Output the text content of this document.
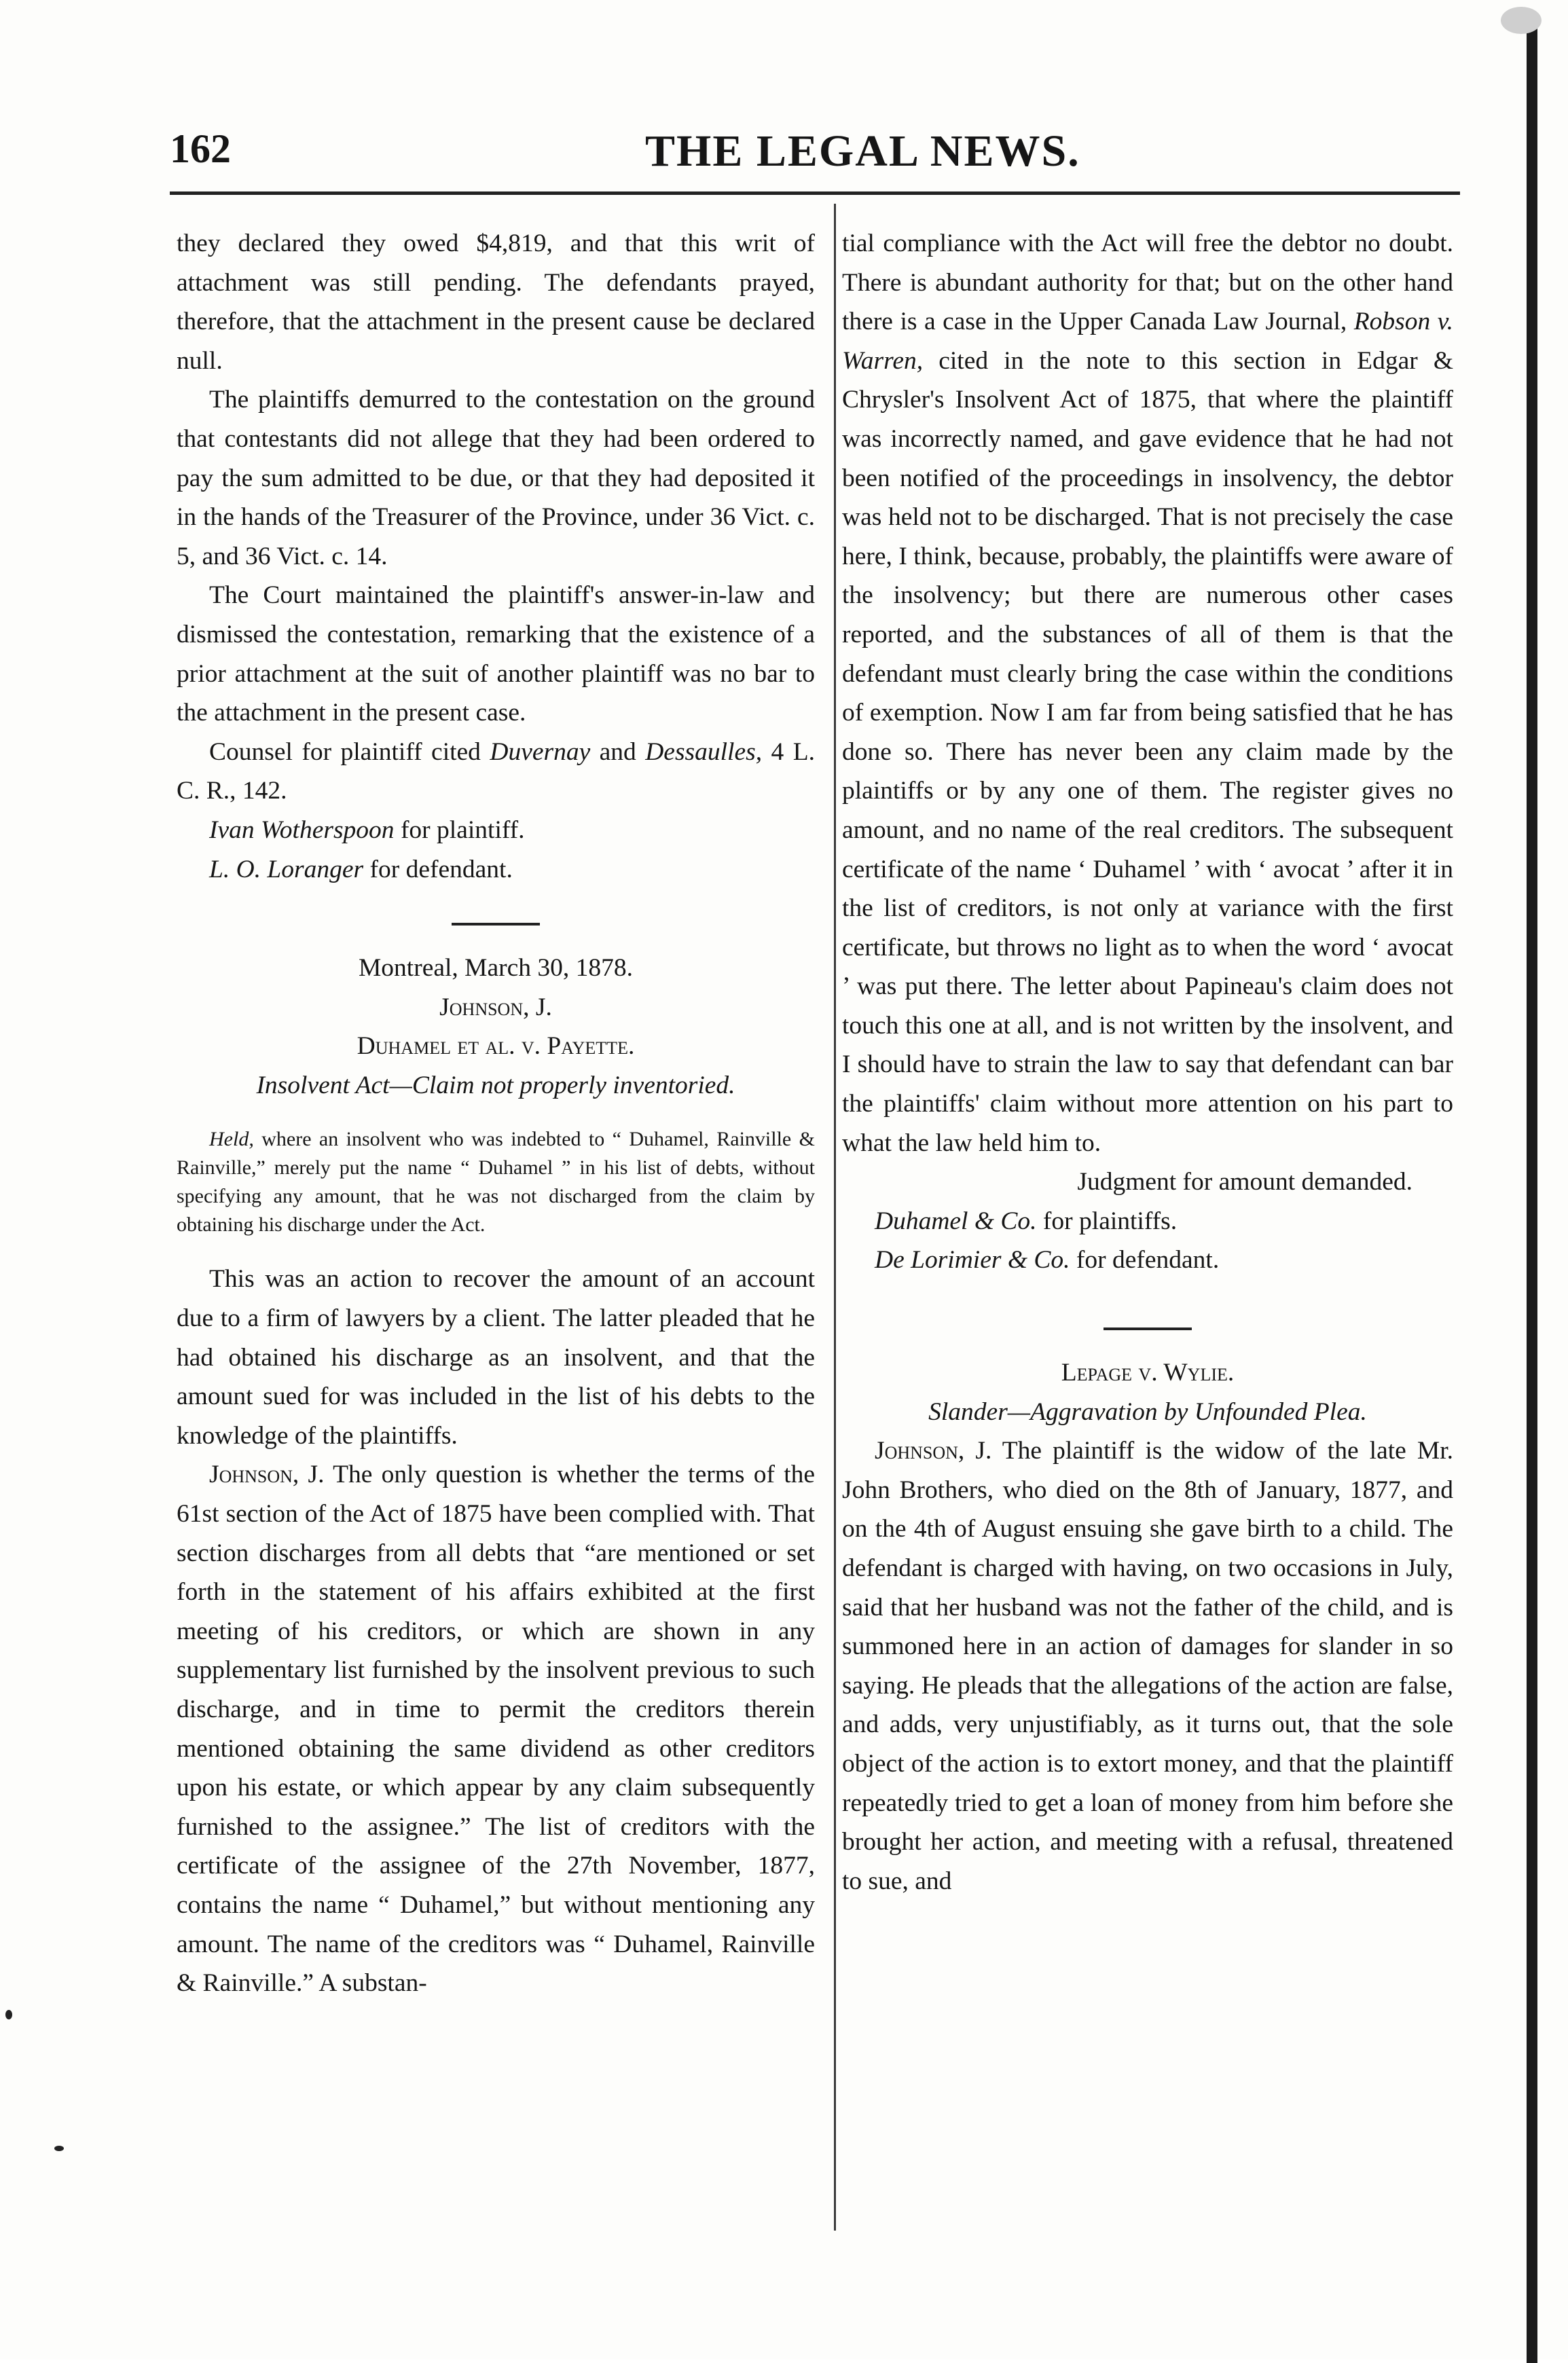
162	THE LEGAL NEWS.

they declared they owed $4,819, and that this writ of attachment was still pending. The defendants prayed, therefore, that the attachment in the present cause be declared null.

The plaintiffs demurred to the contestation on the ground that contestants did not allege that they had been ordered to pay the sum admitted to be due, or that they had deposited it in the hands of the Treasurer of the Province, under 36 Vict. c. 5, and 36 Vict. c. 14.

The Court maintained the plaintiff's answer-in-law and dismissed the contestation, remarking that the existence of a prior attachment at the suit of another plaintiff was no bar to the attachment in the present case.

Counsel for plaintiff cited Duvernay and Dessaulles, 4 L. C. R., 142.

Ivan Wotherspoon for plaintiff.

L. O. Loranger for defendant.

Montreal, March 30, 1878.

Johnson, J.

Duhamel et al. v. Payette.

Insolvent Act—Claim not properly inventoried.

Held, where an insolvent who was indebted to “ Duhamel, Rainville & Rainville,” merely put the name “ Duhamel ” in his list of debts, without specifying any amount, that he was not discharged from the claim by obtaining his discharge under the Act.

This was an action to recover the amount of an account due to a firm of lawyers by a client. The latter pleaded that he had obtained his discharge as an insolvent, and that the amount sued for was included in the list of his debts to the knowledge of the plaintiffs.

Johnson, J. The only question is whether the terms of the 61st section of the Act of 1875 have been complied with. That section discharges from all debts that “are mentioned or set forth in the statement of his affairs exhibited at the first meeting of his creditors, or which are shown in any supplementary list furnished by the insolvent previous to such discharge, and in time to permit the creditors therein mentioned obtaining the same dividend as other creditors upon his estate, or which appear by any claim subsequently furnished to the assignee.” The list of creditors with the certificate of the assignee of the 27th November, 1877, contains the name “ Duhamel,” but without mentioning any amount. The name of the creditors was “ Duhamel, Rainville & Rainville.” A substan-

tial compliance with the Act will free the debtor no doubt. There is abundant authority for that; but on the other hand there is a case in the Upper Canada Law Journal, Robson v. Warren, cited in the note to this section in Edgar & Chrysler's Insolvent Act of 1875, that where the plaintiff was incorrectly named, and gave evidence that he had not been notified of the proceedings in insolvency, the debtor was held not to be discharged. That is not precisely the case here, I think, because, probably, the plaintiffs were aware of the insolvency; but there are numerous other cases reported, and the substances of all of them is that the defendant must clearly bring the case within the conditions of exemption. Now I am far from being satisfied that he has done so. There has never been any claim made by the plaintiffs or by any one of them. The register gives no amount, and no name of the real creditors. The subsequent certificate of the name ‘ Duhamel ’ with ‘ avocat ’ after it in the list of creditors, is not only at variance with the first certificate, but throws no light as to when the word ‘ avocat ’ was put there. The letter about Papineau's claim does not touch this one at all, and is not written by the insolvent, and I should have to strain the law to say that defendant can bar the plaintiffs' claim without more attention on his part to what the law held him to.

Judgment for amount demanded.

Duhamel & Co. for plaintiffs.

De Lorimier & Co. for defendant.

Lepage v. Wylie.

Slander—Aggravation by Unfounded Plea.

Johnson, J. The plaintiff is the widow of the late Mr. John Brothers, who died on the 8th of January, 1877, and on the 4th of August ensuing she gave birth to a child. The defendant is charged with having, on two occasions in July, said that her husband was not the father of the child, and is summoned here in an action of damages for slander in so saying. He pleads that the allegations of the action are false, and adds, very unjustifiably, as it turns out, that the sole object of the action is to extort money, and that the plaintiff repeatedly tried to get a loan of money from him before she brought her action, and meeting with a refusal, threatened to sue, and
